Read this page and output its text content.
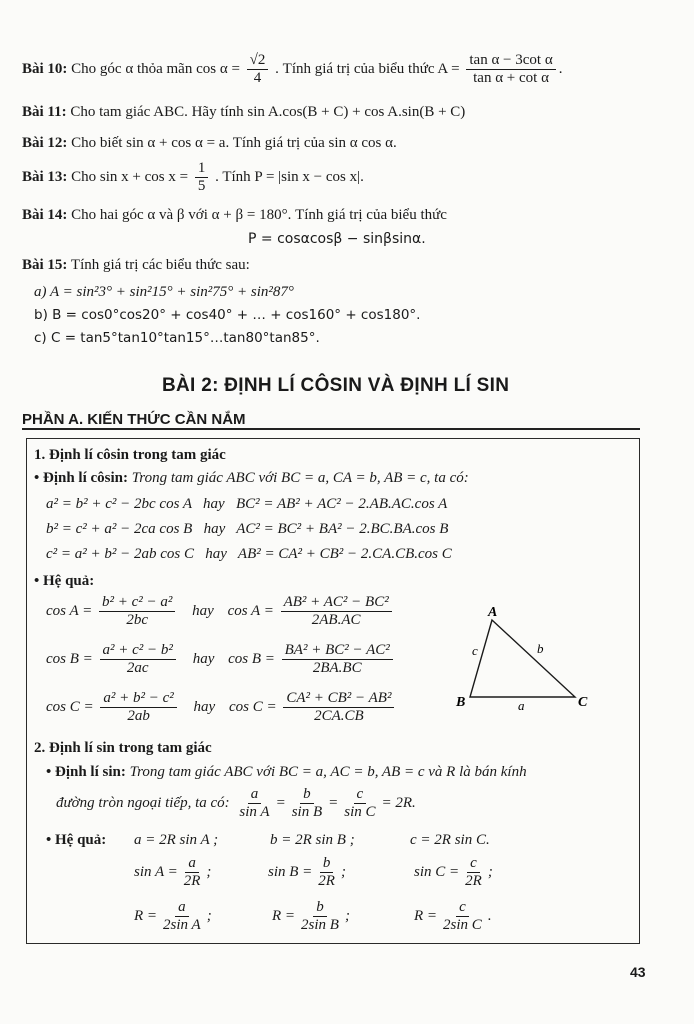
Bài 10: Cho góc α thỏa mãn $\cos \alpha = \frac{√2}{4}$ . Tính giá trị của biểu thức $A = \frac{\text{tan α − 3cot α}}{\text{tan α + cot α}}$ .
Bài 11: Cho tam giác ABC. Hãy tính sin A.cos(B + C) + cos A.sin(B + C)
Bài 12: Cho biết sin α + cos α = a. Tính giá trị của sin α cos α.
Bài 13: Cho $\sin x + \cos x = \frac{1}{5}$ . Tính P = |sin x − cos x|.
Bài 14: Cho hai góc α và β với α + β = 180°. Tính giá trị của biểu thức
P = cosαcosβ − sinβsinα.
Bài 15: Tính giá trị các biểu thức sau:
a) A = sin²3° + sin²15° + sin²75° + sin²87°
b) B = cos0°cos20° + cos40° + … + cos160° + cos180°.
c) C = tan5°tan10°tan15°…tan80°tan85°.
BÀI 2: ĐỊNH LÍ CÔSIN VÀ ĐỊNH LÍ SIN
PHẦN A. KIẾN THỨC CẦN NẮM
1. Định lí côsin trong tam giác
• Định lí côsin: Trong tam giác ABC với BC = a, CA = b, AB = c, ta có:
a² = b² + c² − 2bc cos A   hay   BC² = AB² + AC² − 2.AB.AC.cos A
b² = c² + a² − 2ca cos B   hay   AC² = BC² + BA² − 2.BC.BA.cos B
c² = a² + b² − 2ab cos C   hay   AB² = CA² + CB² − 2.CA.CB.cos C
• Hệ quả:
$\cos A = \frac{\text{b² + c² − a²}}{2bc}$ hay $\cos A = \frac{\text{AB² + AC² − BC²}}{2AB.AC}$
$\cos B = \frac{\text{a² + c² − b²}}{2ac}$ hay $\cos B = \frac{\text{BA² + BC² − AC²}}{2BA.BC}$
$\cos C = \frac{\text{a² + b² − c²}}{2ab}$ hay $\cos C = \frac{\text{CA² + CB² − AB²}}{2CA.CB}$
A
B	C
c	b
a
2. Định lí sin trong tam giác
• Định lí sin: Trong tam giác ABC với BC = a, AC = b, AB = c và R là bán kính
đường tròn ngoại tiếp, ta có: $\frac{a}{\text{sin A}} = \frac{b}{\text{sin B}} = \frac{c}{\text{sin C}} = 2R$.
• Hệ quả: a = 2R sin A ;	b = 2R sin B ;	c = 2R sin C.
$\sin A = \frac{a}{2R}$ ;	$\sin B = \frac{b}{2R}$ ;	$\sin C = \frac{c}{2R}$ ;
$R = \frac{a}{\text{2sin A}}$ ;	$R = \frac{b}{\text{2sin B}}$ ;	$R = \frac{c}{\text{2sin C}}$ .
43
